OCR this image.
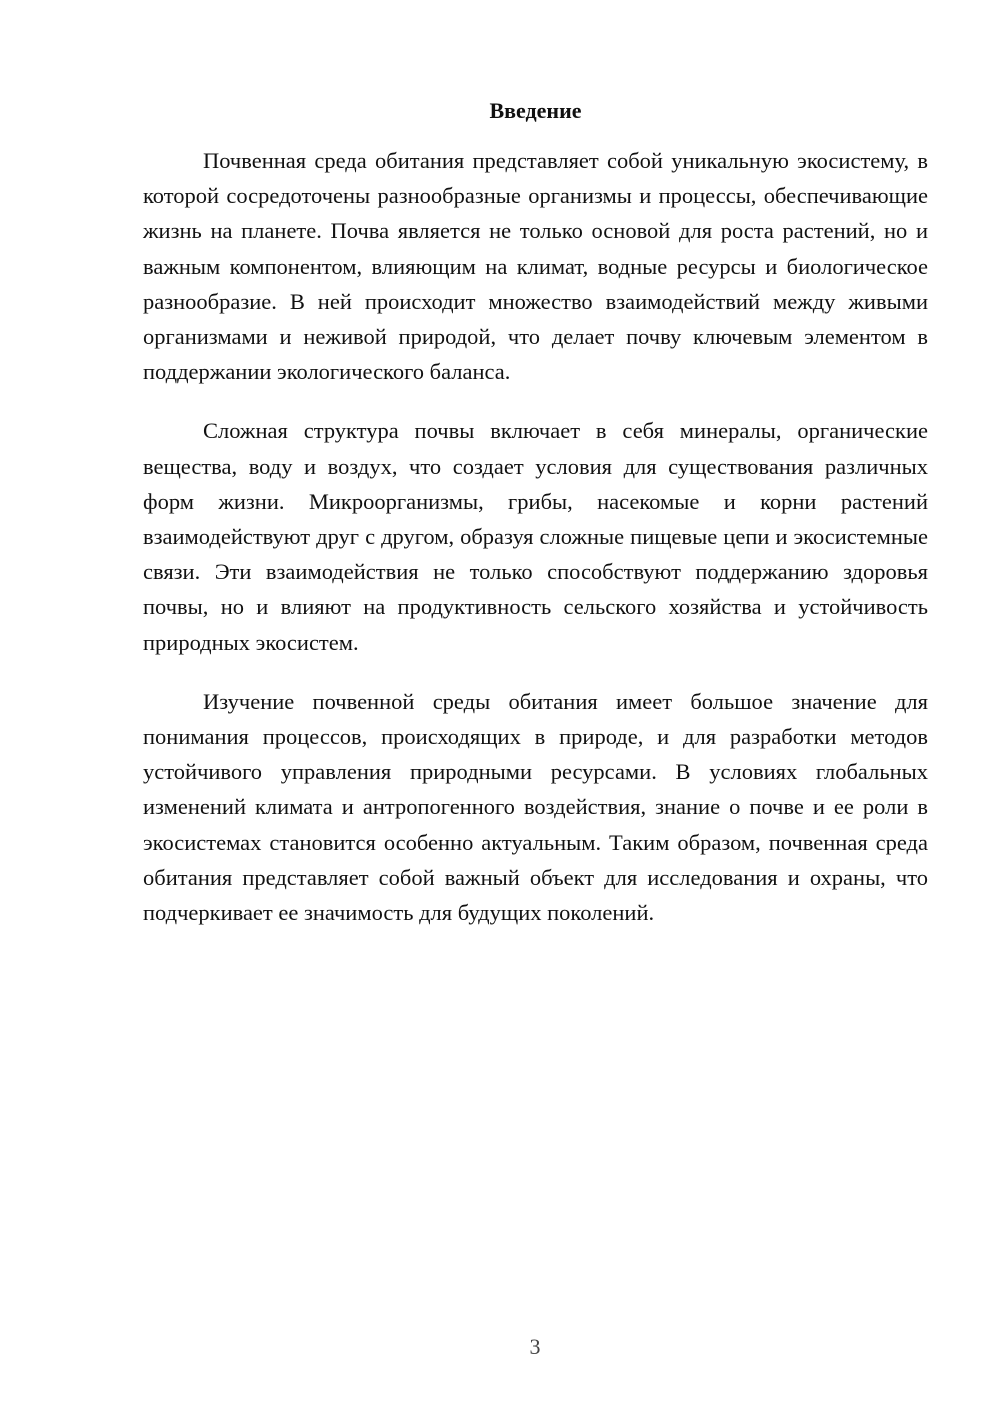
Введение

Почвенная среда обитания представляет собой уникальную экосистему, в которой сосредоточены разнообразные организмы и процессы, обеспечивающие жизнь на планете. Почва является не только основой для роста растений, но и важным компонентом, влияющим на климат, водные ресурсы и биологическое разнообразие. В ней происходит множество взаимодействий между живыми организмами и неживой природой, что делает почву ключевым элементом в поддержании экологического баланса.

Сложная структура почвы включает в себя минералы, органические вещества, воду и воздух, что создает условия для существования различных форм жизни. Микроорганизмы, грибы, насекомые и корни растений взаимодействуют друг с другом, образуя сложные пищевые цепи и экосистемные связи. Эти взаимодействия не только способствуют поддержанию здоровья почвы, но и влияют на продуктивность сельского хозяйства и устойчивость природных экосистем.

Изучение почвенной среды обитания имеет большое значение для понимания процессов, происходящих в природе, и для разработки методов устойчивого управления природными ресурсами. В условиях глобальных изменений климата и антропогенного воздействия, знание о почве и ее роли в экосистемах становится особенно актуальным. Таким образом, почвенная среда обитания представляет собой важный объект для исследования и охраны, что подчеркивает ее значимость для будущих поколений.

3
